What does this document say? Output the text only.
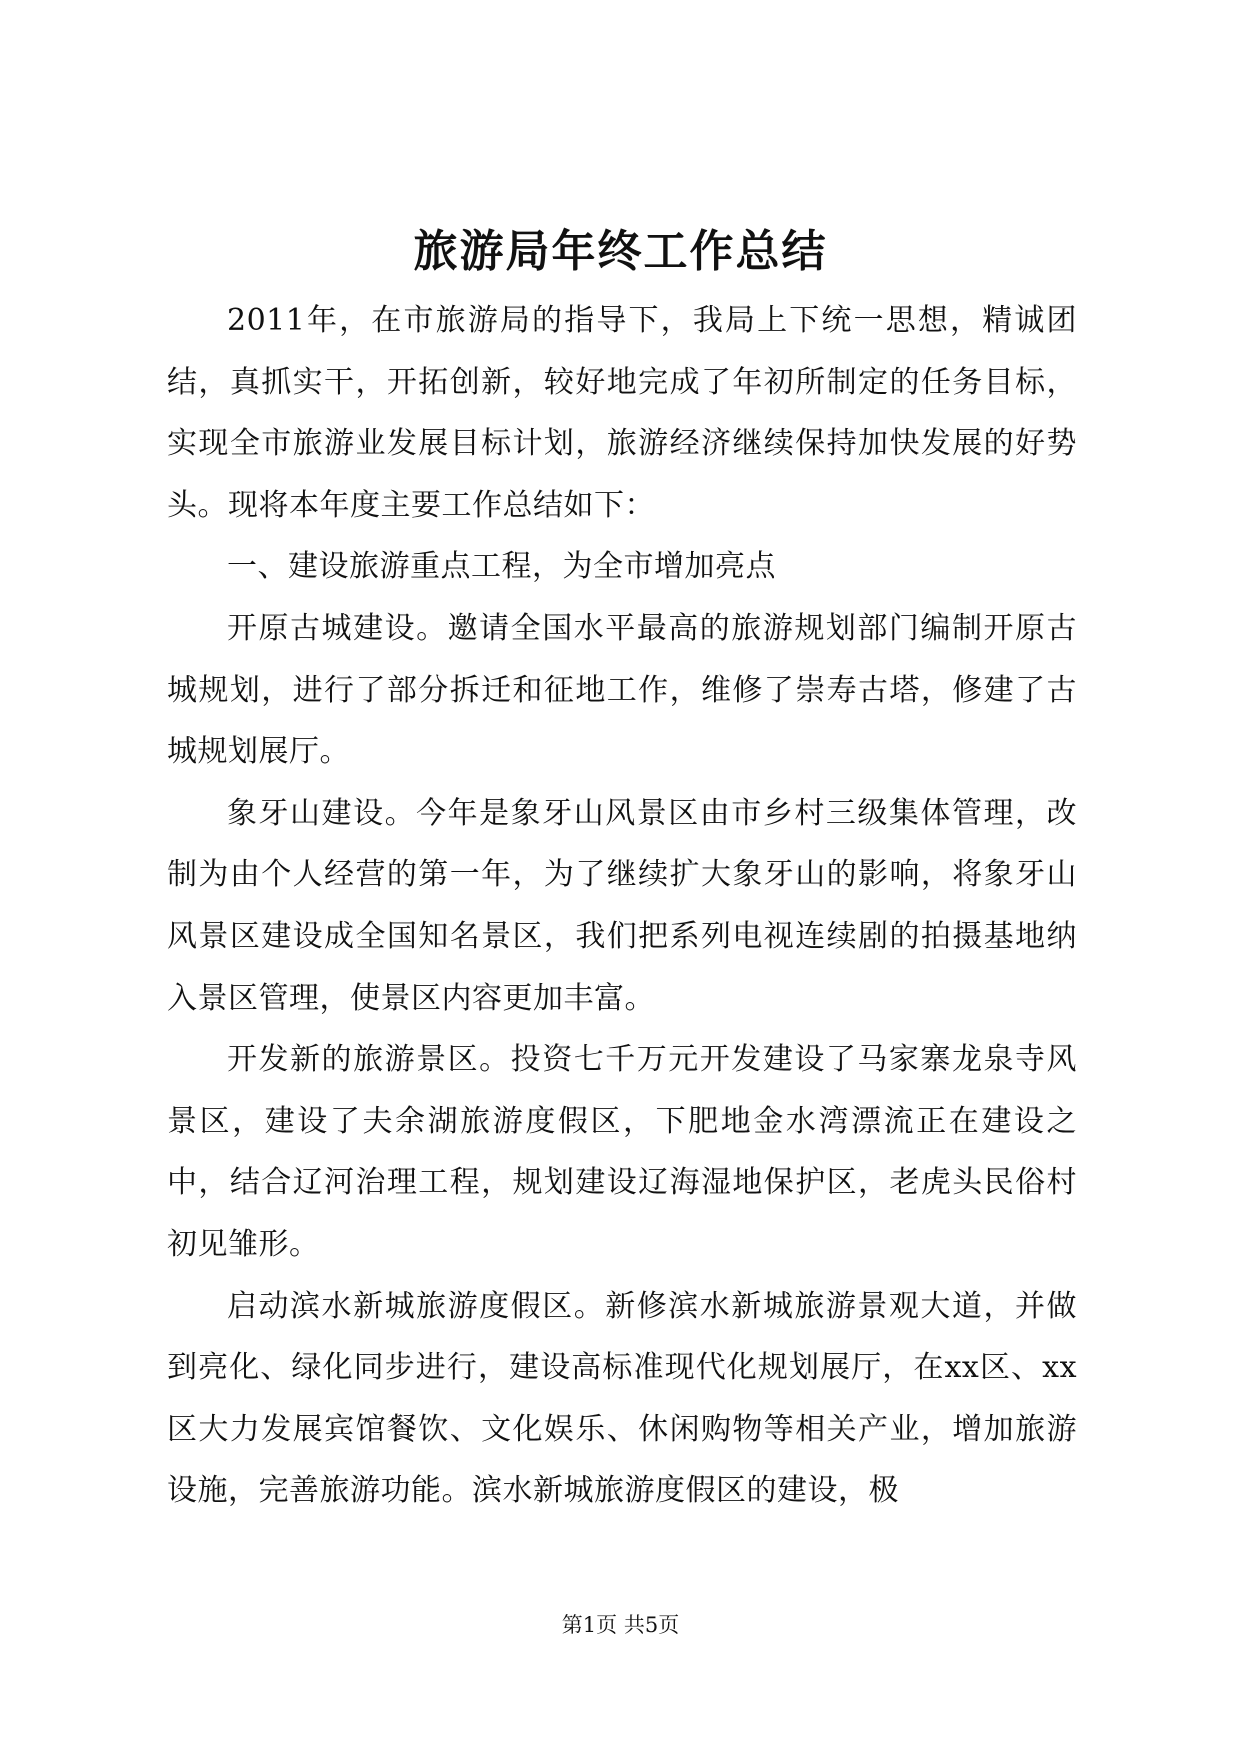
旅游局年终工作总结

2011年，在市旅游局的指导下，我局上下统一思想，精诚团结，真抓实干，开拓创新，较好地完成了年初所制定的任务目标，实现全市旅游业发展目标计划，旅游经济继续保持加快发展的好势头。现将本年度主要工作总结如下：

一、建设旅游重点工程，为全市增加亮点

开原古城建设。邀请全国水平最高的旅游规划部门编制开原古城规划，进行了部分拆迁和征地工作，维修了崇寿古塔，修建了古城规划展厅。

象牙山建设。今年是象牙山风景区由市乡村三级集体管理，改制为由个人经营的第一年，为了继续扩大象牙山的影响，将象牙山风景区建设成全国知名景区，我们把系列电视连续剧的拍摄基地纳入景区管理，使景区内容更加丰富。

开发新的旅游景区。投资七千万元开发建设了马家寨龙泉寺风景区，建设了夫余湖旅游度假区，下肥地金水湾漂流正在建设之中，结合辽河治理工程，规划建设辽海湿地保护区，老虎头民俗村初见雏形。

启动滨水新城旅游度假区。新修滨水新城旅游景观大道，并做到亮化、绿化同步进行，建设高标准现代化规划展厅，在xx区、xx区大力发展宾馆餐饮、文化娱乐、休闲购物等相关产业，增加旅游设施，完善旅游功能。滨水新城旅游度假区的建设，极

第1页 共5页
